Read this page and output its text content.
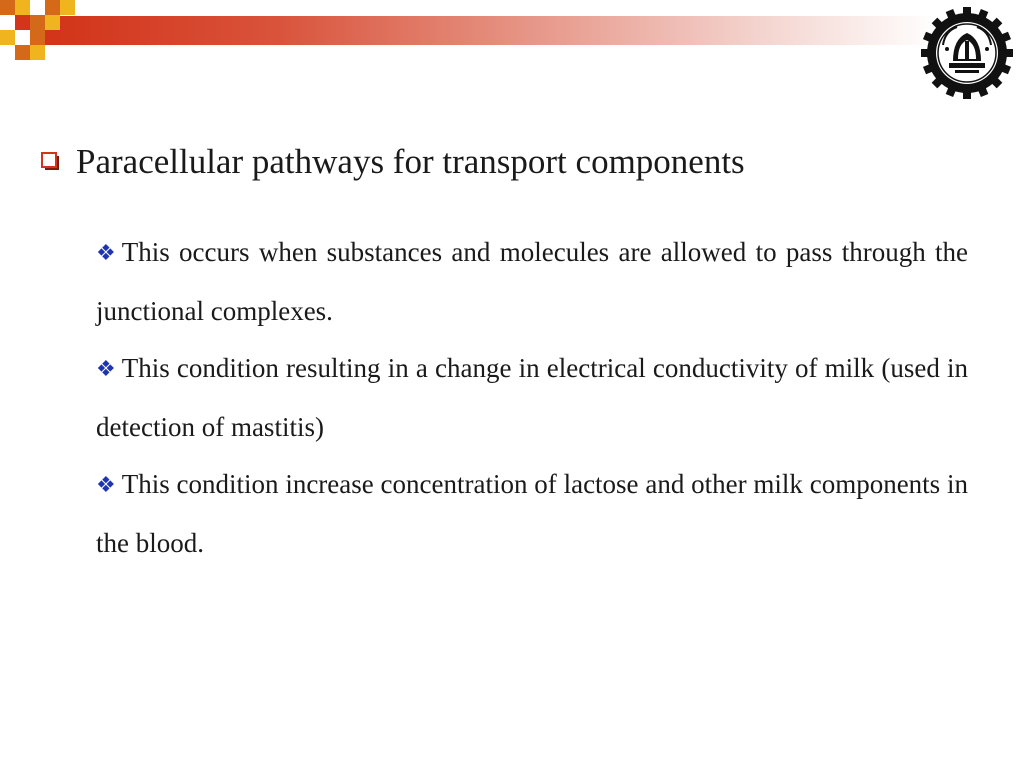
Paracellular pathways for transport components

❖ This occurs when substances and molecules are allowed to pass through the junctional complexes.

❖ This condition resulting in a change in electrical conductivity of milk (used in detection of mastitis)

❖ This condition increase concentration of lactose and other milk components in the blood.
